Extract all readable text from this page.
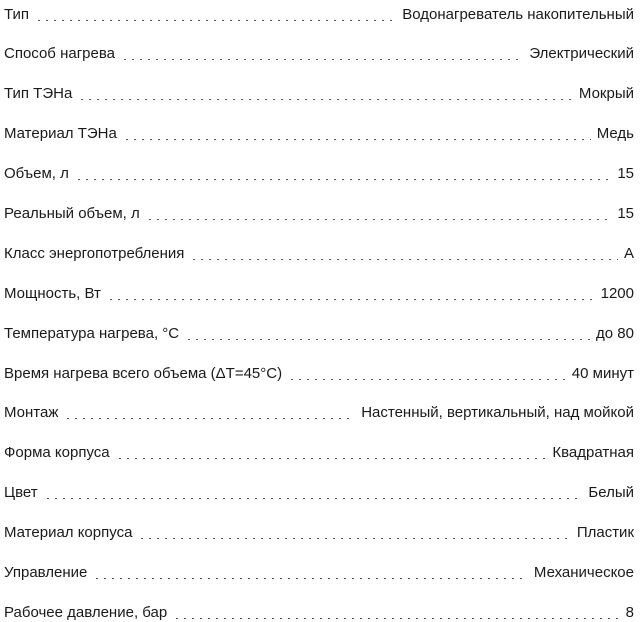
Тип	Водонагреватель накопительный
Способ нагрева	Электрический
Тип ТЭНа	Мокрый
Материал ТЭНа	Медь
Объем, л	15
Реальный объем, л	15
Класс энергопотребления	A
Мощность, Вт	1200
Температура нагрева, °C	до 80
Время нагрева всего объема (ΔT=45°C)	40 минут
Монтаж	Настенный, вертикальный, над мойкой
Форма корпуса	Квадратная
Цвет	Белый
Материал корпуса	Пластик
Управление	Механическое
Рабочее давление, бар	8
